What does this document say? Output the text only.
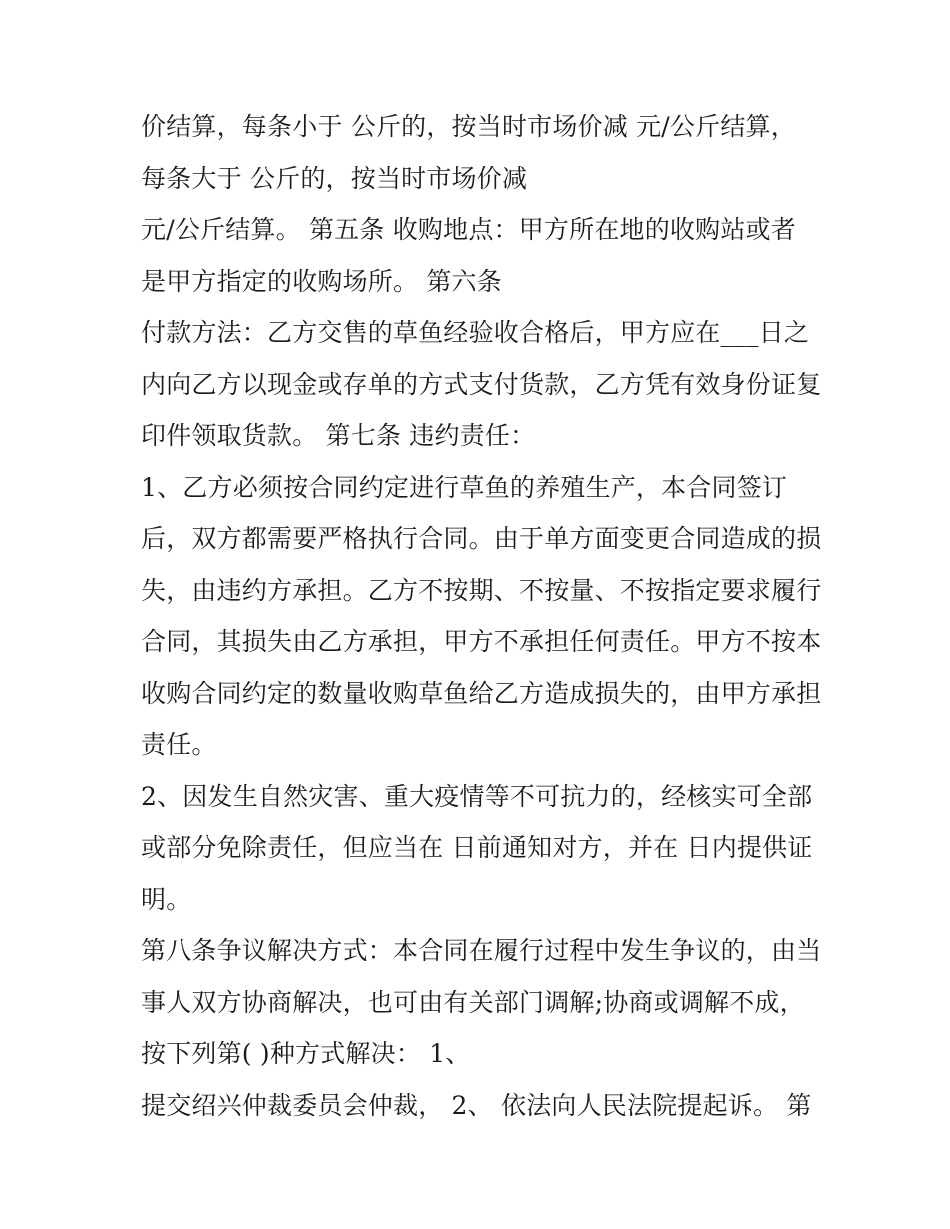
价结算，每条小于 公斤的，按当时市场价减 元/公斤结算，
每条大于 公斤的，按当时市场价减
元/公斤结算。 第五条 收购地点：甲方所在地的收购站或者
是甲方指定的收购场所。 第六条
付款方法：乙方交售的草鱼经验收合格后，甲方应在___日之
内向乙方以现金或存单的方式支付货款，乙方凭有效身份证复
印件领取货款。 第七条 违约责任：
1、乙方必须按合同约定进行草鱼的养殖生产，本合同签订
后，双方都需要严格执行合同。由于单方面变更合同造成的损
失，由违约方承担。乙方不按期、不按量、不按指定要求履行
合同，其损失由乙方承担，甲方不承担任何责任。甲方不按本
收购合同约定的数量收购草鱼给乙方造成损失的，由甲方承担
责任。
2、因发生自然灾害、重大疫情等不可抗力的，经核实可全部
或部分免除责任，但应当在 日前通知对方，并在 日内提供证
明。
第八条争议解决方式：本合同在履行过程中发生争议的，由当
事人双方协商解决，也可由有关部门调解;协商或调解不成，
按下列第( )种方式解决： 1、
提交绍兴仲裁委员会仲裁， 2、 依法向人民法院提起诉。 第
